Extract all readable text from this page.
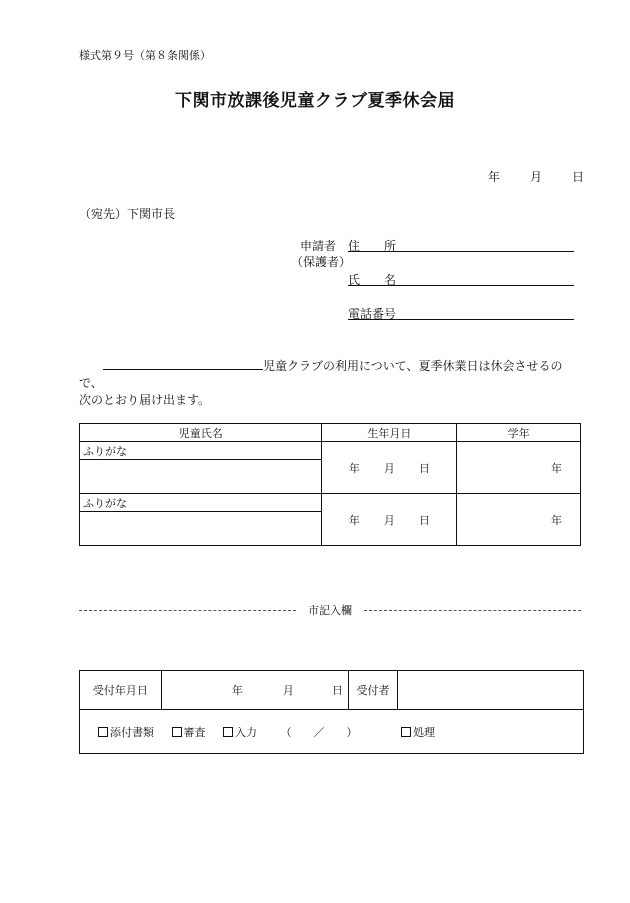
様式第９号（第８条関係）
下関市放課後児童クラブ夏季休会届
年 月 日
（宛先）下関市長
申請者
（保護者）
住　　所
氏　　名
電話番号
児童クラブの利用について、夏季休業日は休会させるので、
次のとおり届け出ます。
児童氏名	生年月日	学年
ふりがな	年 月 日	年

ふりがな	年 月 日	年

市記入欄
受付年月日	年	月	日	受付者	
添付書類	審査	入力 （ ／ ）	処理
